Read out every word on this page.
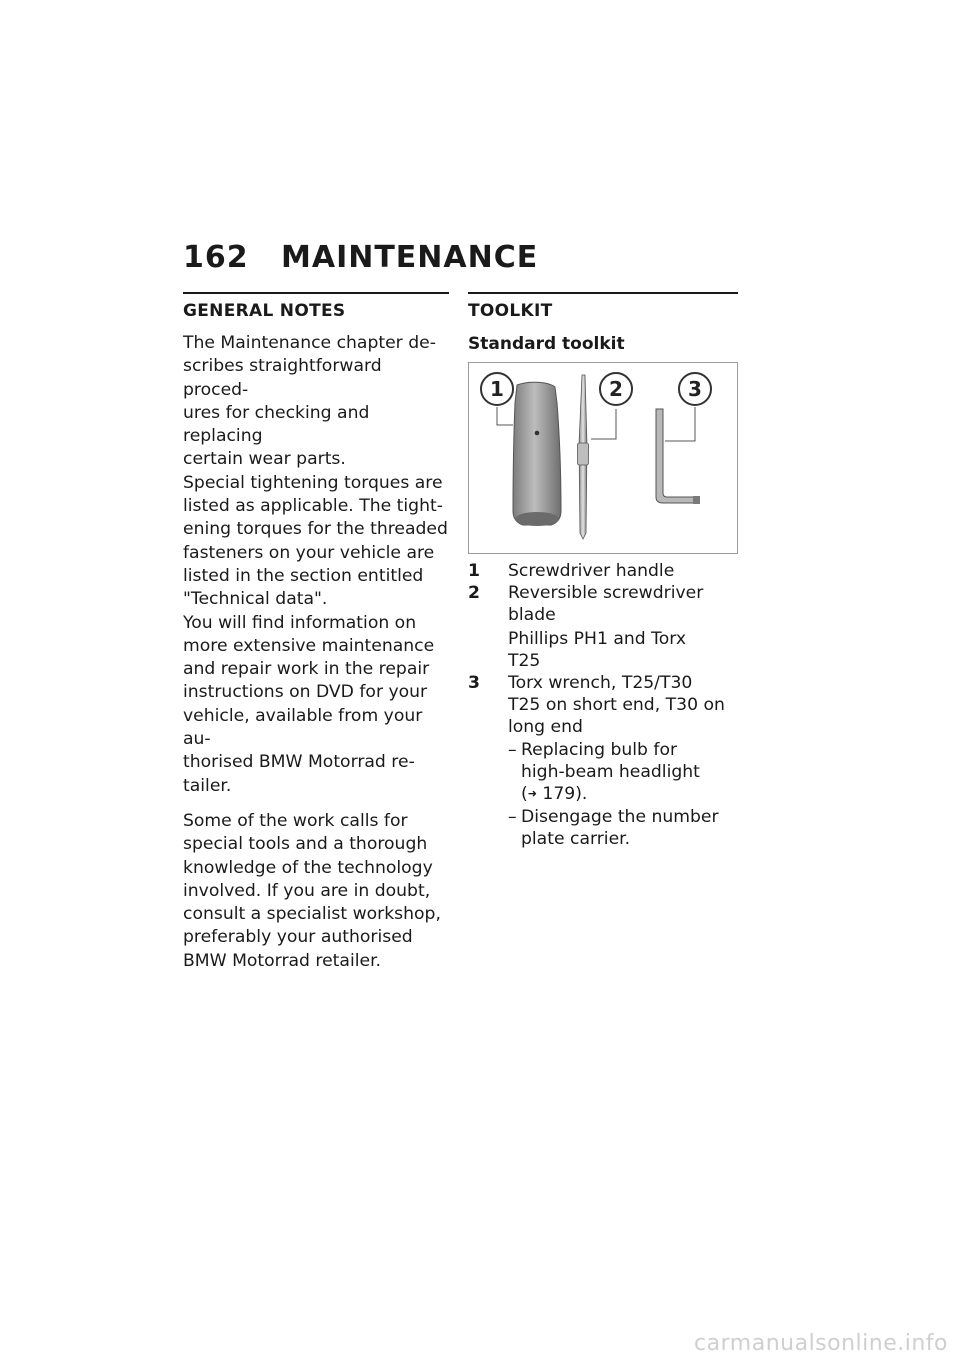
162 MAINTENANCE
GENERAL NOTES
The Maintenance chapter de-
scribes straightforward proced-
ures for checking and replacing
certain wear parts.
Special tightening torques are
listed as applicable. The tight-
ening torques for the threaded
fasteners on your vehicle are
listed in the section entitled
"Technical data".
You will find information on
more extensive maintenance
and repair work in the repair
instructions on DVD for your
vehicle, available from your au-
thorised BMW Motorrad re-
tailer.
Some of the work calls for
special tools and a thorough
knowledge of the technology
involved. If you are in doubt,
consult a specialist workshop,
preferably your authorised
BMW Motorrad retailer.
TOOLKIT
Standard toolkit
1	2	3
1	Screwdriver handle
2	Reversible screwdriver
blade
Phillips PH1 and Torx
T25
3	Torx wrench, T25/T30
T25 on short end, T30 on
long end
– Replacing bulb for
high-beam headlight
(➜ 179).
– Disengage the number
plate carrier.
carmanualsonline.info
